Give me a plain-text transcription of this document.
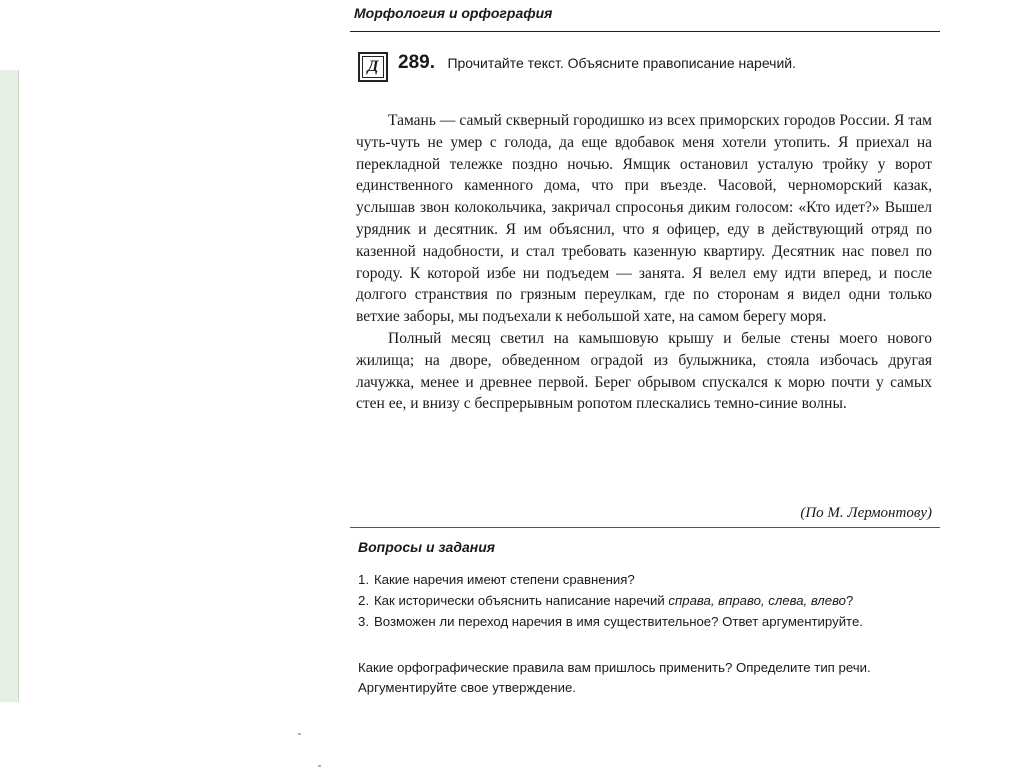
Морфология и орфография
Д 289. Прочитайте текст. Объясните правописание наречий.

Тамань — самый скверный городишко из всех приморских городов России. Я там чуть-чуть не умер с голода, да еще вдобавок меня хотели утопить. Я приехал на перекладной тележке поздно ночью. Ямщик остановил усталую тройку у ворот единственного каменного дома, что при въезде. Часовой, черноморский казак, услышав звон колокольчика, закричал спросонья диким голосом: «Кто идет?» Вышел урядник и десятник. Я им объяснил, что я офицер, еду в действующий отряд по казенной надобности, и стал требовать казенную квартиру. Десятник нас повел по городу. К которой избе ни подъедем — занята. Я велел ему идти вперед, и после долгого странствия по грязным переулкам, где по сторонам я видел одни только ветхие заборы, мы подъехали к небольшой хате, на самом берегу моря.

Полный месяц светил на камышовую крышу и белые стены моего нового жилища; на дворе, обведенном оградой из булыжника, стояла избочась другая лачужка, менее и древнее первой. Берег обрывом спускался к морю почти у самых стен ее, и внизу с беспрерывным ропотом плескались темно-синие волны.

(По М. Лермонтову)
Вопросы и задания
1. Какие наречия имеют степени сравнения?
2. Как исторически объяснить написание наречий справа, вправо, слева, влево?
3. Возможен ли переход наречия в имя существительное? Ответ аргументируйте.
Какие орфографические правила вам пришлось применить? Определите тип речи. Аргументируйте свое утверждение.
